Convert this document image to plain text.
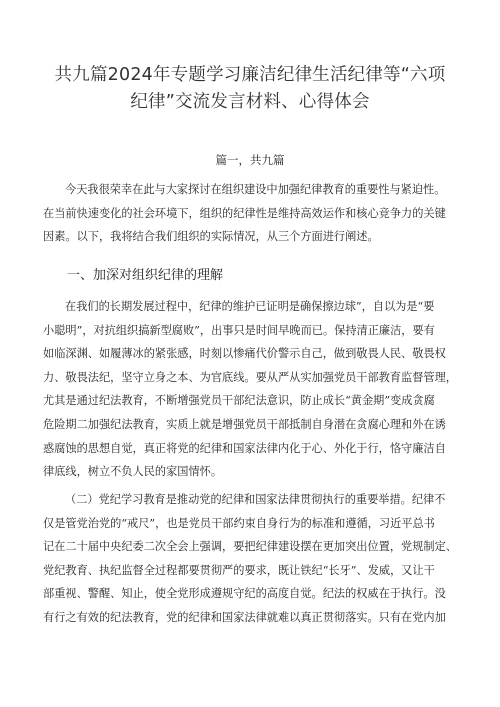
共九篇2024年专题学习廉洁纪律生活纪律等“六项
纪律”交流发言材料、心得体会
篇一，共九篇
今天我很荣幸在此与大家探讨在组织建设中加强纪律教育的重要性与紧迫性。
在当前快速变化的社会环境下，组织的纪律性是维持高效运作和核心竞争力的关键
因素。以下，我将结合我们组织的实际情况，从三个方面进行阐述。
一、加深对组织纪律的理解
在我们的长期发展过程中，纪律的维护已证明是确保擦边球”，自以为是“要
小聪明”，对抗组织搞新型腐败”，出事只是时间早晚而已。保持清正廉洁，要有
如临深渊、如履薄冰的紧张感，时刻以惨痛代价警示自己，做到敬畏人民、敬畏权
力、敬畏法纪，坚守立身之本、为官底线。要从严从实加强党员干部教育监督管理，
尤其是通过纪法教育，不断增强党员干部纪法意识，防止成长“黄金期”变成贪腐
危险期二加强纪法教育，实质上就是增强党员干部抵制自身潜在贪腐心理和外在诱
惑腐蚀的思想自觉，真正将党的纪律和国家法律内化于心、外化于行，恪守廉洁自
律底线，树立不负人民的家国情怀。
（二）党纪学习教育是推动党的纪律和国家法律贯彻执行的重要举措。纪律不
仅是管党治党的“戒尺”，也是党员干部约束自身行为的标准和遵循，习近平总书
记在二十届中央纪委二次全会上强调，要把纪律建设摆在更加突出位置，党规制定、
党纪教育、执纪监督全过程都要贯彻严的要求，既让铁纪“长牙”、发威，又让干
部重视、警醒、知止，使全党形成遵规守纪的高度自觉。纪法的权威在于执行。没
有行之有效的纪法教育，党的纪律和国家法律就难以真正贯彻落实。只有在党内加
